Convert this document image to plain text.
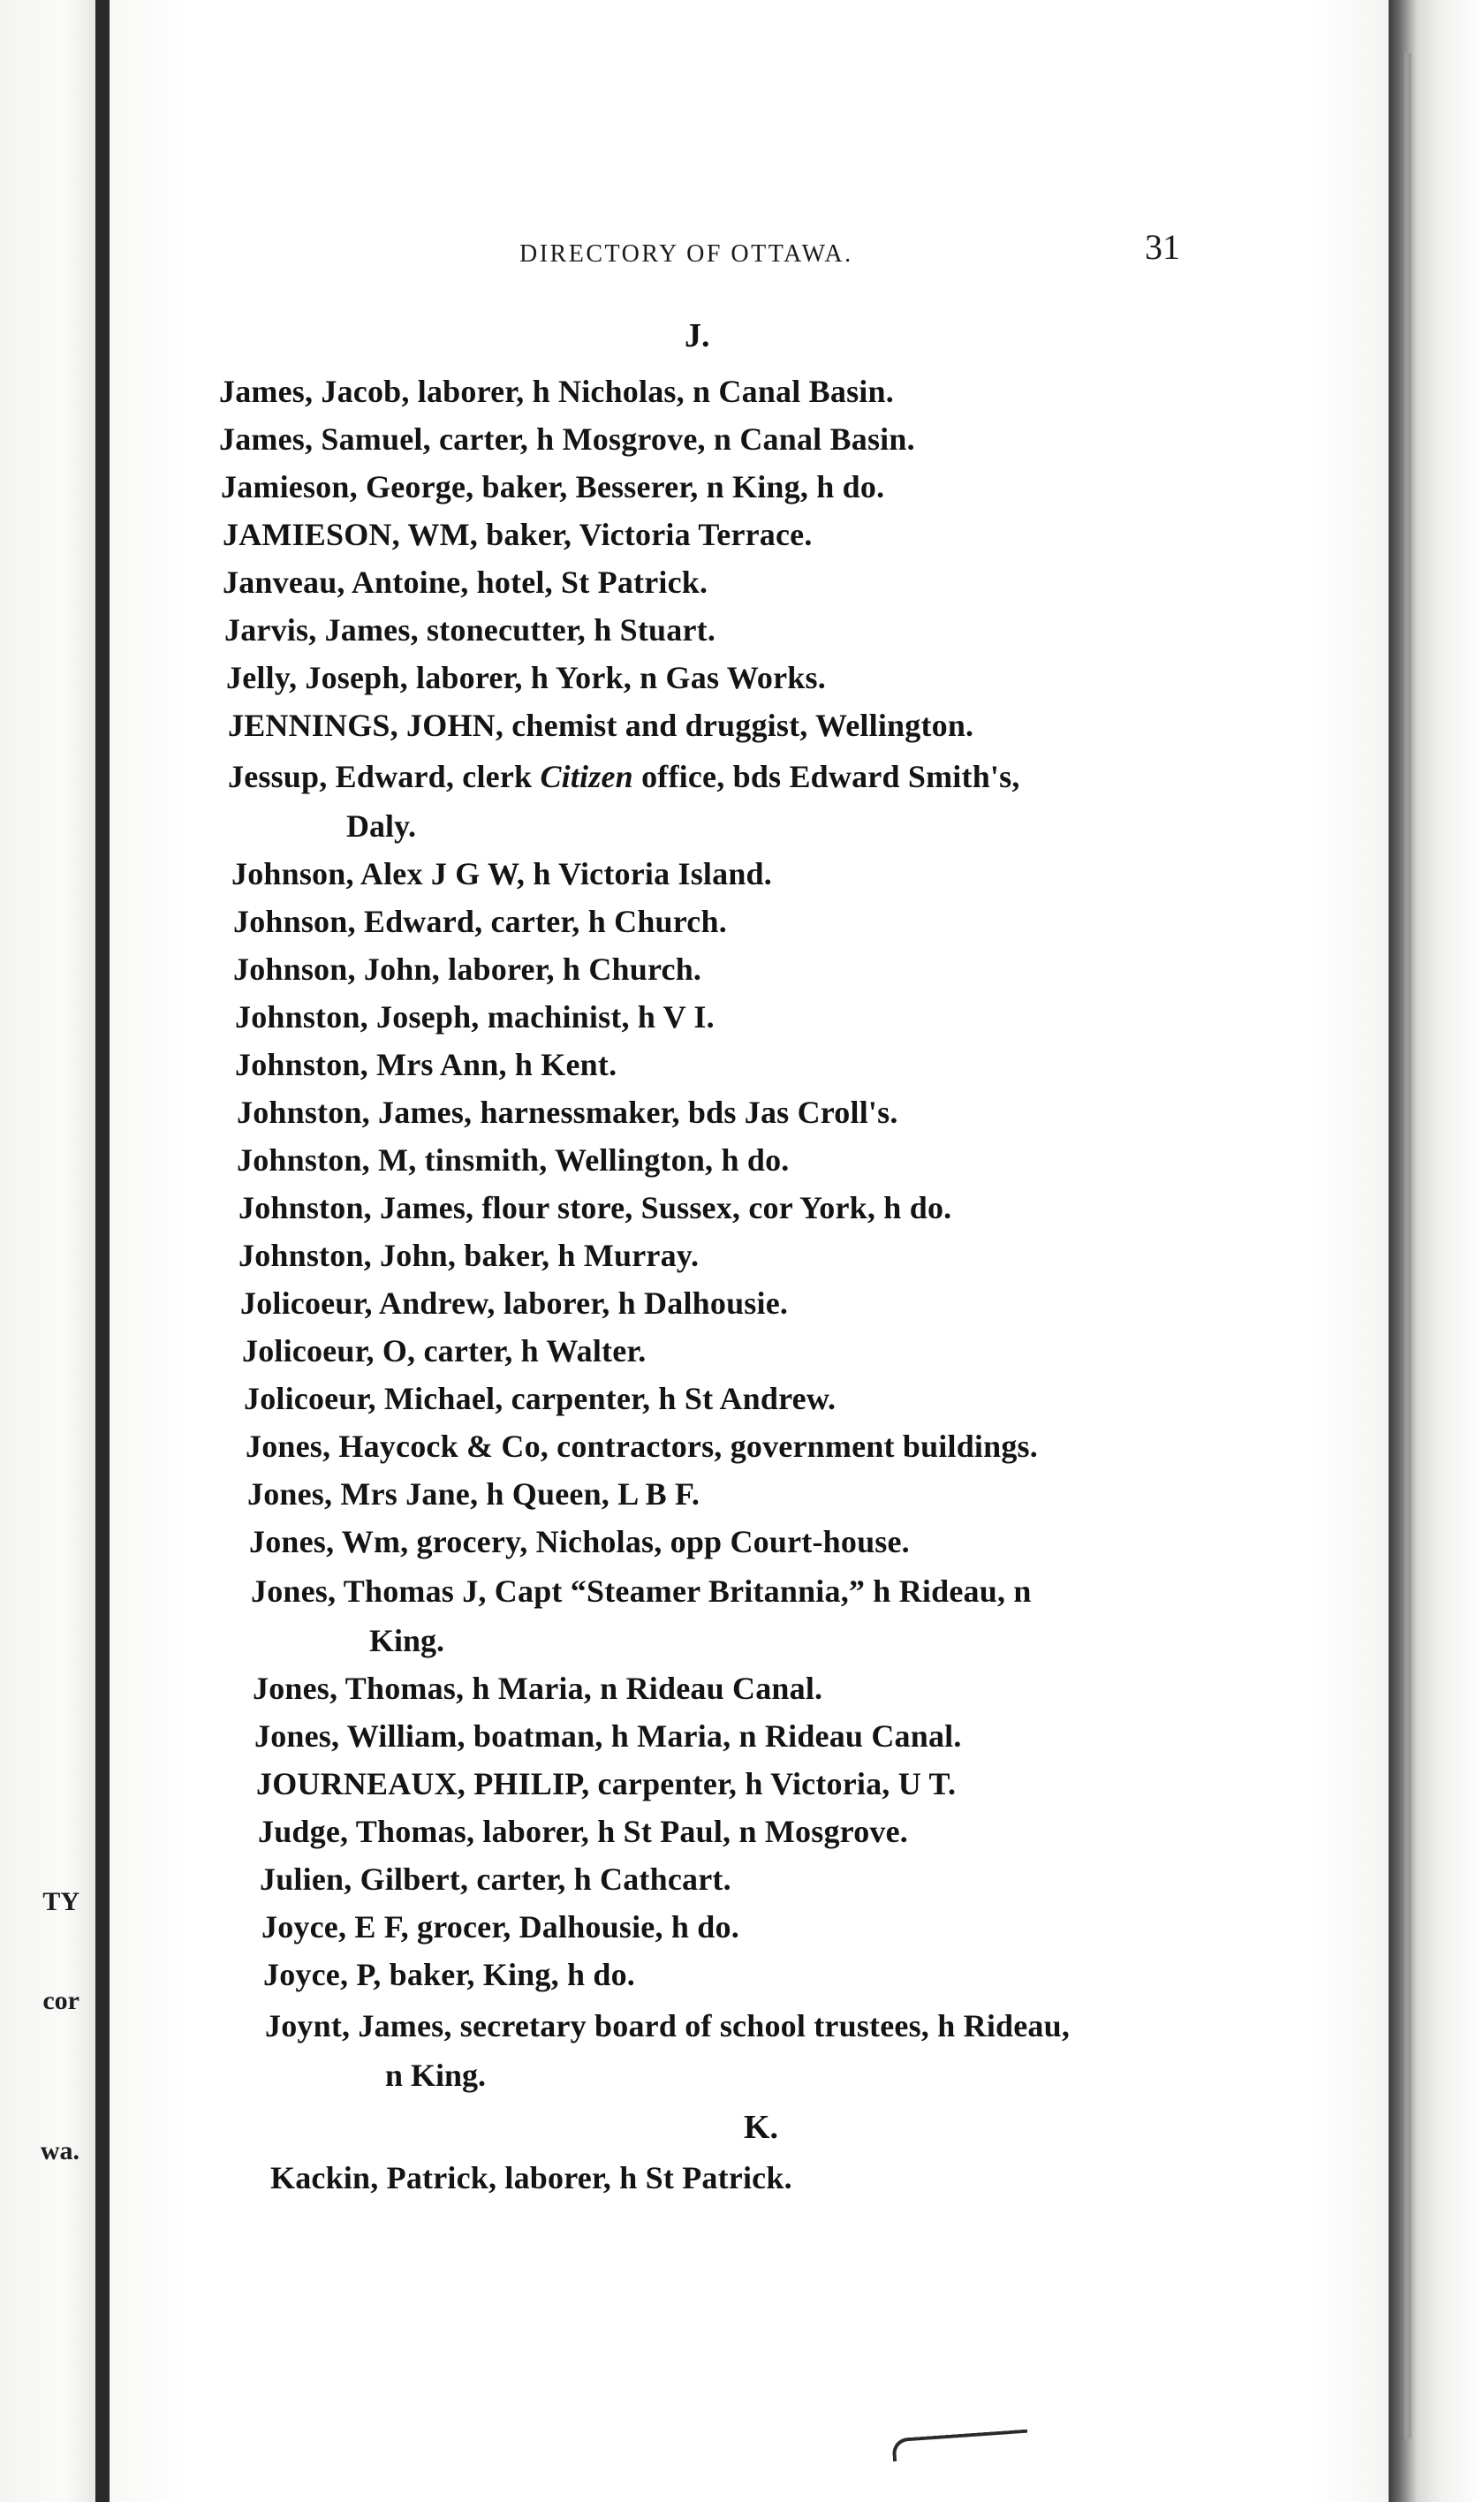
TY
cor
wa.
DIRECTORY OF OTTAWA.	31
J.
James, Jacob, laborer, h Nicholas, n Canal Basin.
James, Samuel, carter, h Mosgrove, n Canal Basin.
Jamieson, George, baker, Besserer, n King, h do.
JAMIESON, WM, baker, Victoria Terrace.
Janveau, Antoine, hotel, St Patrick.
Jarvis, James, stonecutter, h Stuart.
Jelly, Joseph, laborer, h York, n Gas Works.
JENNINGS, JOHN, chemist and druggist, Wellington.
Jessup, Edward, clerk Citizen office, bds Edward Smith's,
Daly.
Johnson, Alex J G W, h Victoria Island.
Johnson, Edward, carter, h Church.
Johnson, John, laborer, h Church.
Johnston, Joseph, machinist, h V I.
Johnston, Mrs Ann, h Kent.
Johnston, James, harnessmaker, bds Jas Croll's.
Johnston, M, tinsmith, Wellington, h do.
Johnston, James, flour store, Sussex, cor York, h do.
Johnston, John, baker, h Murray.
Jolicoeur, Andrew, laborer, h Dalhousie.
Jolicoeur, O, carter, h Walter.
Jolicoeur, Michael, carpenter, h St Andrew.
Jones, Haycock & Co, contractors, government buildings.
Jones, Mrs Jane, h Queen, L B F.
Jones, Wm, grocery, Nicholas, opp Court-house.
Jones, Thomas J, Capt “Steamer Britannia,” h Rideau, n
King.
Jones, Thomas, h Maria, n Rideau Canal.
Jones, William, boatman, h Maria, n Rideau Canal.
JOURNEAUX, PHILIP, carpenter, h Victoria, U T.
Judge, Thomas, laborer, h St Paul, n Mosgrove.
Julien, Gilbert, carter, h Cathcart.
Joyce, E F, grocer, Dalhousie, h do.
Joyce, P, baker, King, h do.
Joynt, James, secretary board of school trustees, h Rideau,
n King.
K.
Kackin, Patrick, laborer, h St Patrick.
